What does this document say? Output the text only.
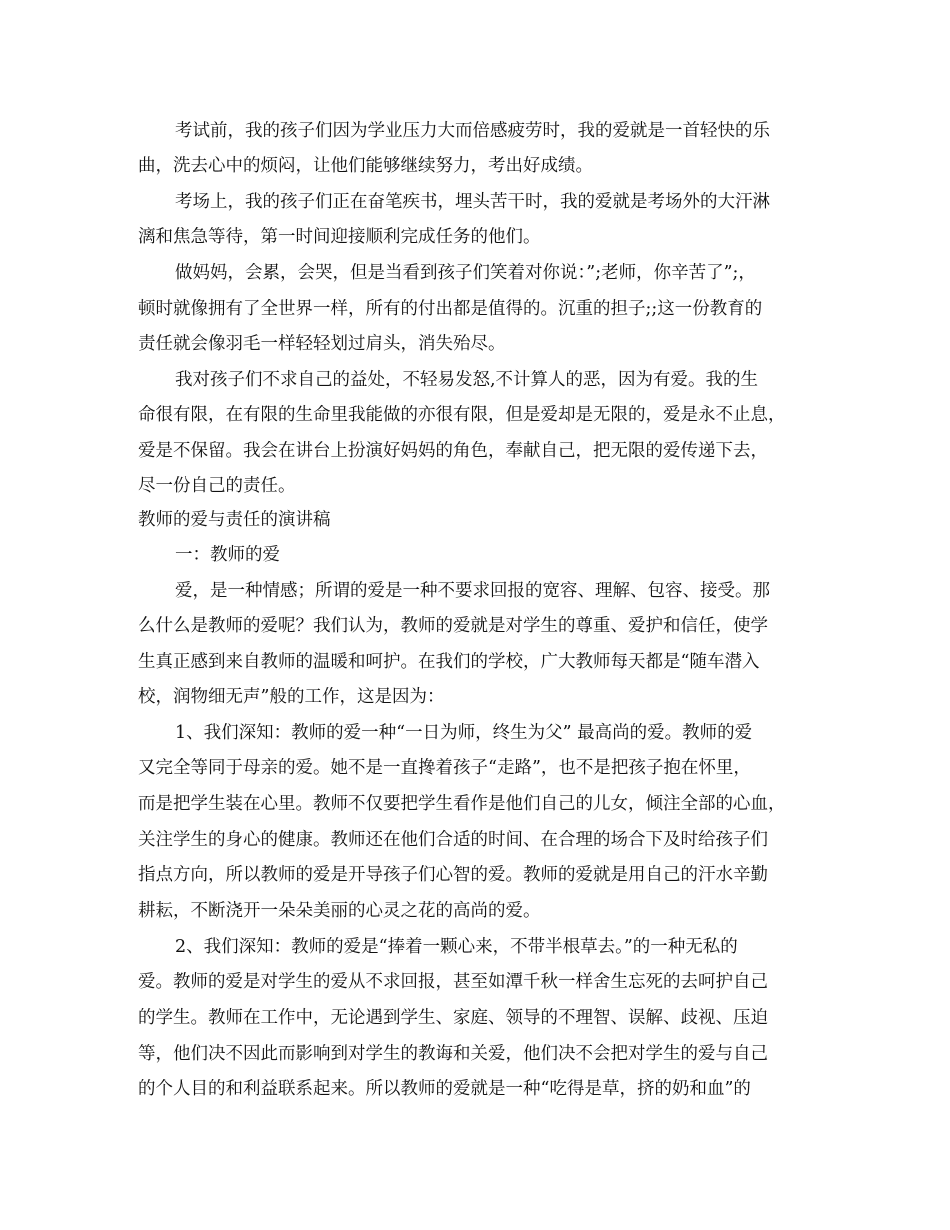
考试前，我的孩子们因为学业压力大而倍感疲劳时，我的爱就是一首轻快的乐

曲，洗去心中的烦闷，让他们能够继续努力，考出好成绩。

考场上，我的孩子们正在奋笔疾书，埋头苦干时，我的爱就是考场外的大汗淋

漓和焦急等待，第一时间迎接顺利完成任务的他们。

做妈妈，会累，会哭，但是当看到孩子们笑着对你说：”;老师，你辛苦了”;，

顿时就像拥有了全世界一样，所有的付出都是值得的。沉重的担子;;这一份教育的

责任就会像羽毛一样轻轻划过肩头，消失殆尽。

我对孩子们不求自己的益处，不轻易发怒,不计算人的恶，因为有爱。我的生

命很有限，在有限的生命里我能做的亦很有限，但是爱却是无限的，爱是永不止息，

爱是不保留。我会在讲台上扮演好妈妈的角色，奉献自己，把无限的爱传递下去，

尽一份自己的责任。

教师的爱与责任的演讲稿

一：教师的爱

爱，是一种情感；所谓的爱是一种不要求回报的宽容、理解、包容、接受。那

么什么是教师的爱呢？我们认为，教师的爱就是对学生的尊重、爱护和信任，使学

生真正感到来自教师的温暖和呵护。在我们的学校，广大教师每天都是“随车潜入

校，润物细无声”般的工作，这是因为：

1、我们深知：教师的爱一种“一日为师，终生为父” 最高尚的爱。教师的爱

又完全等同于母亲的爱。她不是一直搀着孩子“走路”，也不是把孩子抱在怀里，

而是把学生装在心里。教师不仅要把学生看作是他们自己的儿女，倾注全部的心血，

关注学生的身心的健康。教师还在他们合适的时间、在合理的场合下及时给孩子们

指点方向，所以教师的爱是开导孩子们心智的爱。教师的爱就是用自己的汗水辛勤

耕耘，不断浇开一朵朵美丽的心灵之花的高尚的爱。

2、我们深知：教师的爱是“捧着一颗心来，不带半根草去。”的一种无私的

爱。教师的爱是对学生的爱从不求回报，甚至如潭千秋一样舍生忘死的去呵护自己

的学生。教师在工作中，无论遇到学生、家庭、领导的不理智、误解、歧视、压迫

等，他们决不因此而影响到对学生的教诲和关爱，他们决不会把对学生的爱与自己

的个人目的和利益联系起来。所以教师的爱就是一种“吃得是草，挤的奶和血”的
